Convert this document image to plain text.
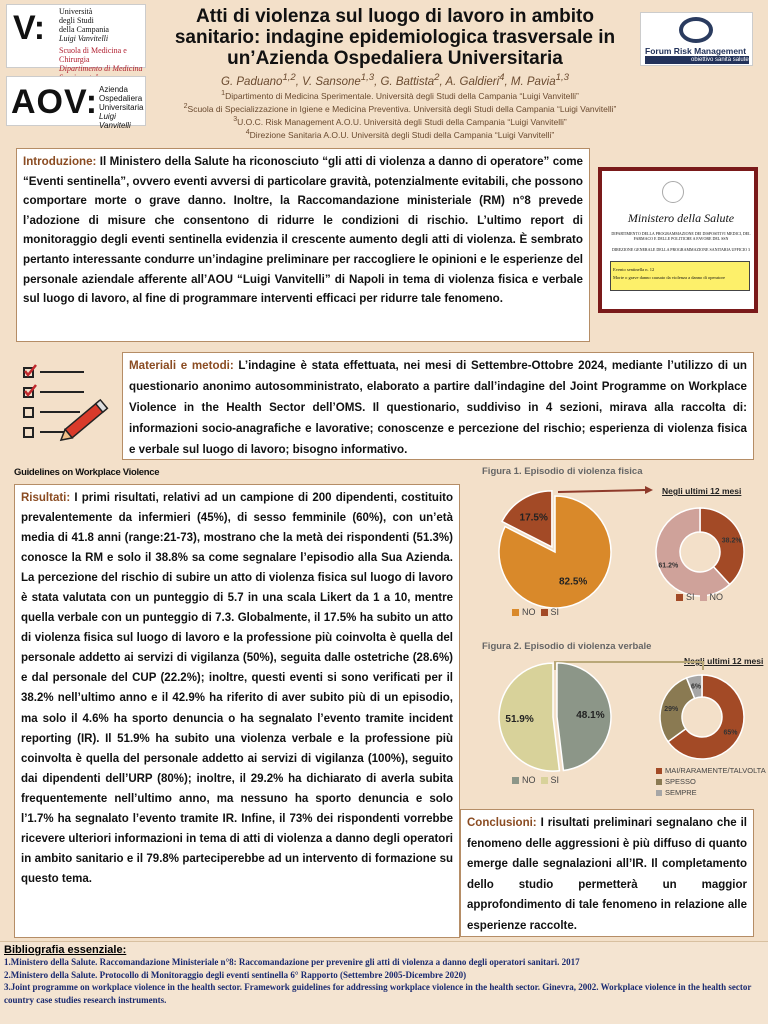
V: Università
degli Studi
della Campania
Luigi Vanvitelli
Scuola di Medicina e Chirurgia
Dipartimento di Medicina
AOV: Azienda
Ospedaliera
Universitaria
Luigi Vanvitelli
Forum Risk Management
obiettivo sanità salute
Atti di violenza sul luogo di lavoro in ambito
sanitario: indagine epidemiologica trasversale in
un’Azienda Ospedaliera Universitaria
G. Paduano$^{1,2}$, V. Sansone$^{1,3}$, G. Battista$^2$, A. Galdieri$^4$, M. Pavia$^{1,3}$
$^1$Dipartimento di Medicina Sperimentale. Università degli Studi della Campania “Luigi Vanvitelli”
$^2$Scuola di Specializzazione in Igiene e Medicina Preventiva. Università degli Studi della Campania “Luigi Vanvitelli”
$^3$U.O.C. Risk Management A.O.U. Università degli Studi della Campania “Luigi Vanvitelli”
$^4$Direzione Sanitaria A.O.U. Università degli Studi della Campania “Luigi Vanvitelli”
Introduzione: Il Ministero della Salute ha riconosciuto “gli atti di violenza a danno di operatore” come “Eventi sentinella”, ovvero eventi avversi di particolare gravità, potenzialmente evitabili, che possono comportare morte o grave danno. Inoltre, la Raccomandazione ministeriale (RM) n°8 prevede l’adozione di misure che consentono di ridurre le condizioni di rischio. L’ultimo report di monitoraggio degli eventi sentinella evidenzia il crescente aumento degli atti di violenza. È sembrato pertanto interessante condurre un’indagine preliminare per raccogliere le opinioni e le esperienze del personale aziendale afferente all’AOU “Luigi Vanvitelli” di Napoli in tema di violenza fisica e verbale sul luogo di lavoro, al fine di programmare interventi efficaci per ridurre tale fenomeno.
Ministero della Salute
DIPARTIMENTO DELLA PROGRAMMAZIONE DEI DISPOSITIVI MEDICI, DEL FARMACO E DELLE POLITICHE A FAVORE DEL SSN
DIREZIONE GENERALE DELLA PROGRAMMAZIONE SANITARIA UFFICIO 3
Evento sentinella n. 12
Morte o grave danno causato da violenza a danno di operatore
Guidelines on Workplace Violence
Materiali e metodi: L’indagine è stata effettuata, nei mesi di Settembre-Ottobre 2024, mediante l’utilizzo di un questionario anonimo autosomministrato, elaborato a partire dall’indagine del Joint Programme on Workplace Violence in the Health Sector dell’OMS. Il questionario, suddiviso in 4 sezioni, mirava alla raccolta di: informazioni socio-anagrafiche e lavorative; conoscenze e percezione del rischio; esperienza di violenza fisica e verbale sul luogo di lavoro; bisogno informativo.
Risultati: I primi risultati, relativi ad un campione di 200 dipendenti, costituito prevalentemente da infermieri (45%), di sesso femminile (60%), con un’età media di 41.8 anni (range:21-73), mostrano che la metà dei rispondenti (51.3%) conosce la RM e solo il 38.8% sa come segnalare l’episodio alla Sua Azienda. La percezione del rischio di subire un atto di violenza fisica sul luogo di lavoro è stata valutata con un punteggio di 5.7 in una scala Likert da 1 a 10, mentre quella verbale con un punteggio di 7.3. Globalmente, il 17.5% ha subito un atto di violenza fisica sul luogo di lavoro e la professione più coinvolta è quella del personale addetto ai servizi di vigilanza (50%), seguita dalle ostetriche (28.6%) e dal personale del CUP (22.2%); inoltre, questi eventi si sono verificati per il 38.2% nell’ultimo anno e il 42.9% ha riferito di aver subito più di un episodio, ma solo il 4.6% ha sporto denuncia o ha segnalato l’evento tramite incident reporting (IR). Il 51.9% ha subito una violenza verbale e la professione più coinvolta è quella del personale addetto ai servizi di vigilanza (100%), seguito dai dipendenti dell’URP (80%); inoltre, il 29.2% ha dichiarato di averla subita frequentemente nell’ultimo anno, ma nessuno ha sporto denuncia e solo l’1.7% ha segnalato l’evento tramite IR. Infine, il 73% dei rispondenti vorrebbe ricevere ulteriori informazioni in tema di atti di violenza a danno degli operatori in ambito sanitario e il 79.8% parteciperebbe ad un intervento di formazione su questo tema.
Figura 1. Episodio di violenza fisica
Negli ultimi 12 mesi
Figura 2. Episodio di violenza verbale
Negli ultimi 12 mesi
17.5%
82.5%
38.2%
61.2%
48.1%
51.9%
65%
29%
6%
NO SI
SI NO
NO SI
MAI/RARAMENTE/TALVOLTA
SPESSO
SEMPRE
Conclusioni: I risultati preliminari segnalano che il fenomeno delle aggressioni è più diffuso di quanto emerge dalle segnalazioni all’IR. Il completamento dello studio permetterà un maggior approfondimento di tale fenomeno in relazione alle esperienze raccolte.
Bibliografia essenziale:
1.Ministero della Salute. Raccomandazione Ministeriale n°8: Raccomandazione per prevenire gli atti di violenza a danno degli operatori sanitari. 2017
2.Ministero della Salute. Protocollo di Monitoraggio degli eventi sentinella 6° Rapporto (Settembre 2005-Dicembre 2020)
3.Joint programme on workplace violence in the health sector. Framework guidelines for addressing workplace violence in the health sector. Ginevra, 2002. Workplace violence in the health sector country case studies research instruments.
